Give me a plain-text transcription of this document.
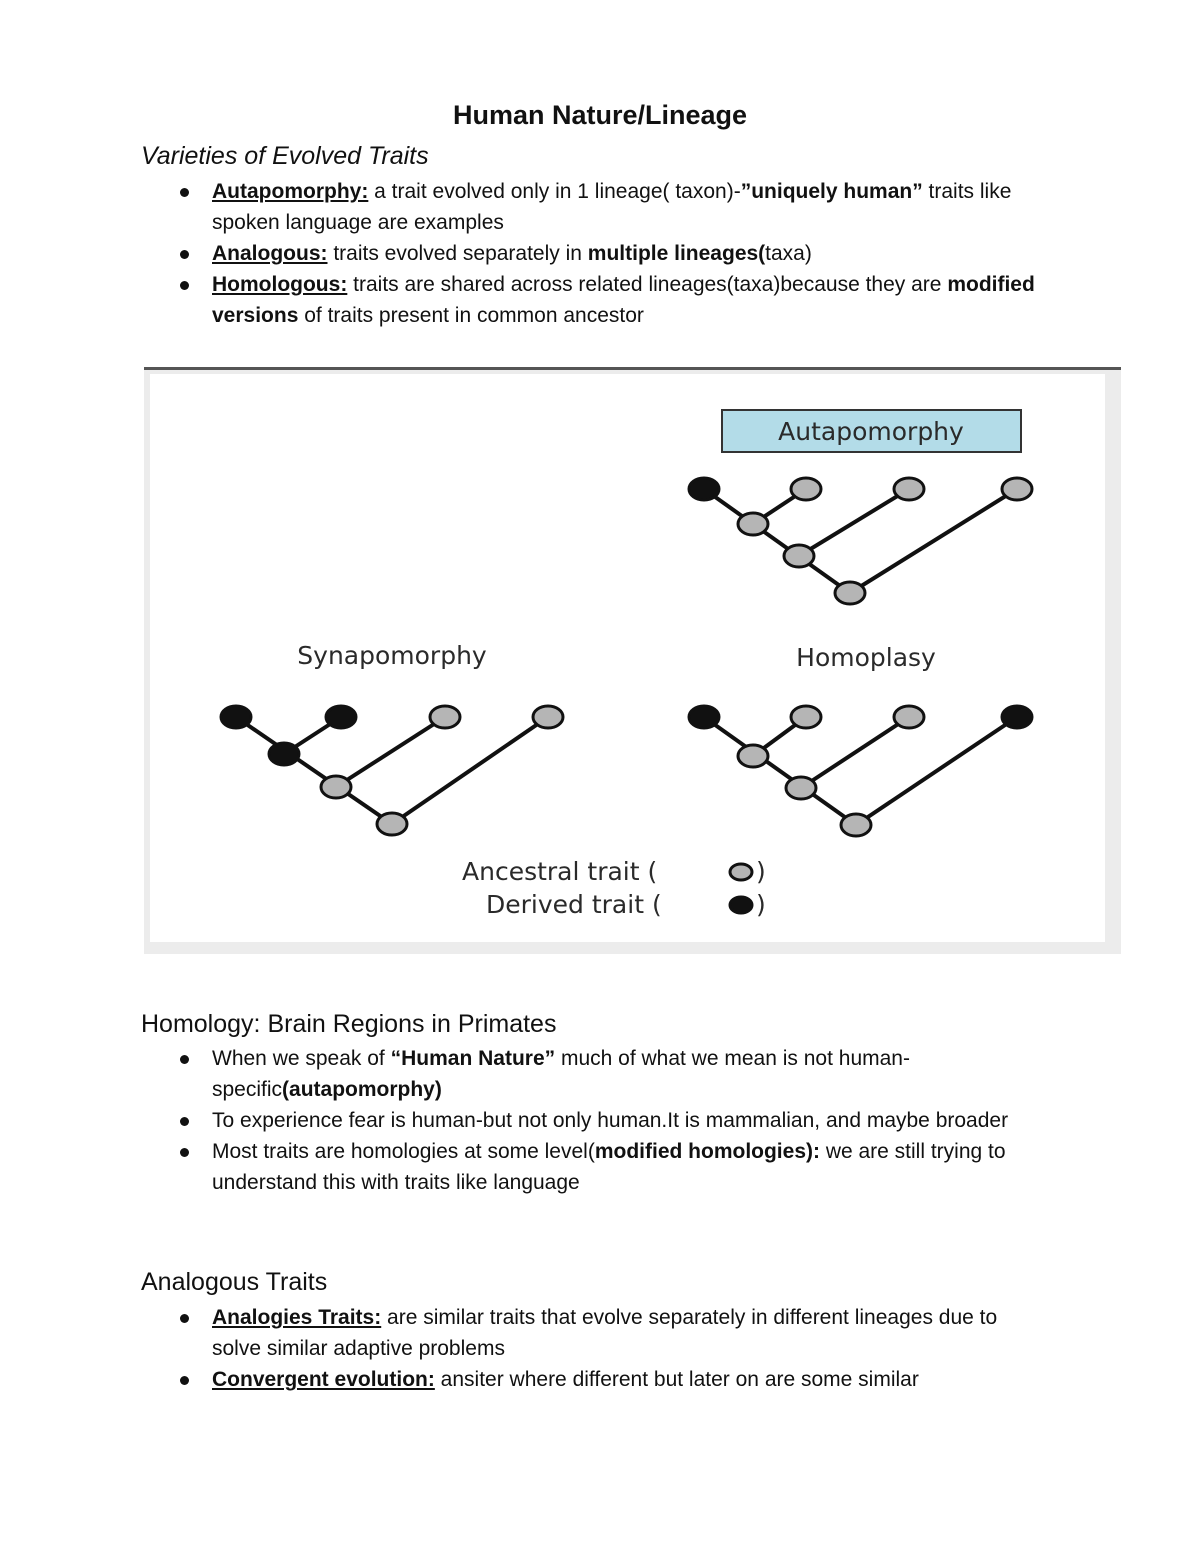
Human Nature/Lineage
Varieties of Evolved Traits
Autapomorphy: a trait evolved only in 1 lineage( taxon)-”uniquely human” traits like spoken language are examples
Analogous: traits evolved separately in multiple lineages(taxa)
Homologous: traits are shared across related lineages(taxa)because they are modified versions of traits present in common ancestor
Autapomorphy
Synapomorphy	Homoplasy
Ancestral trait (	)
Derived trait (	)
Homology: Brain Regions in Primates
When we speak of “Human Nature” much of what we mean is not human-specific(autapomorphy)
To experience fear is human-but not only human.It is mammalian, and maybe broader
Most traits are homologies at some level(modified homologies): we are still trying to understand this with traits like language
Analogous Traits
Analogies Traits: are similar traits that evolve separately in different lineages due to solve similar adaptive problems
Convergent evolution: ansiter where different but later on are some similar
